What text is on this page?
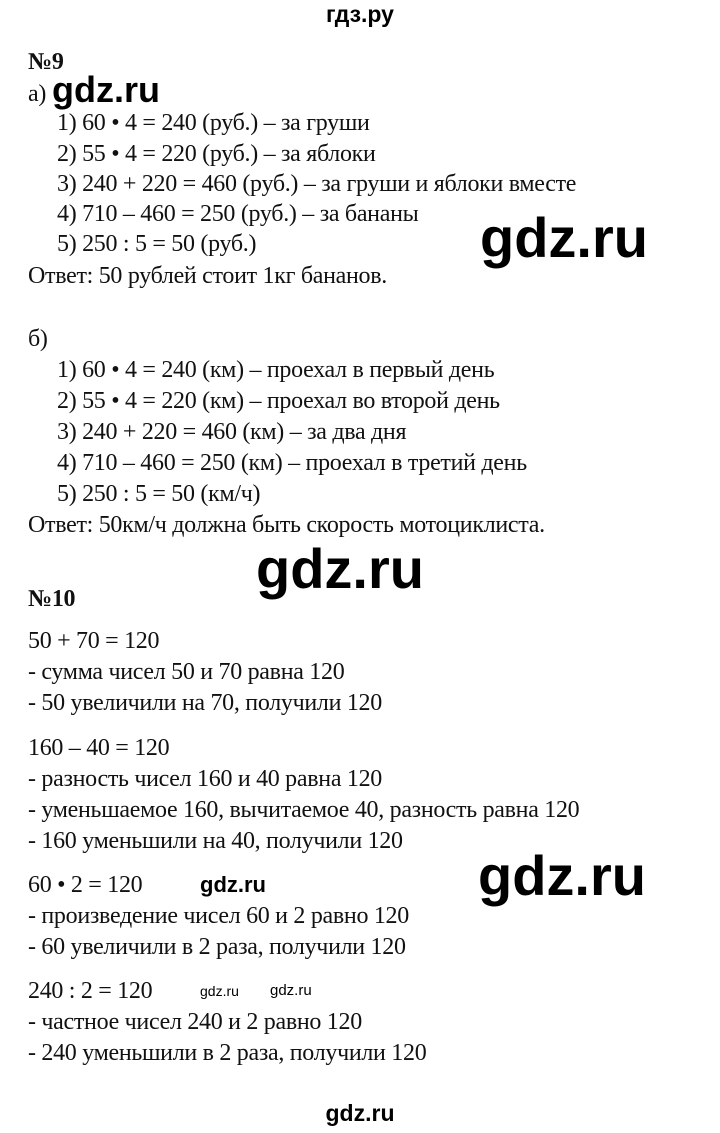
гдз.ру
№9
а)
1) 60 • 4 = 240 (руб.) – за груши
2) 55 • 4 = 220 (руб.) – за яблоки
3) 240 + 220 = 460 (руб.) – за груши и яблоки вместе
4) 710 – 460 = 250 (руб.) – за бананы
5) 250 : 5 = 50 (руб.)
Ответ: 50 рублей стоит 1кг бананов.
б)
1) 60 • 4 = 240 (км) – проехал в первый день
2) 55 • 4 = 220 (км) – проехал во второй день
3) 240 + 220 = 460 (км) – за два дня
4) 710 – 460 = 250 (км) – проехал в третий день
5) 250 : 5 = 50 (км/ч)
Ответ: 50км/ч должна быть скорость мотоциклиста.
№10
50 + 70 = 120
- сумма чисел 50 и 70 равна 120
- 50 увеличили на 70, получили 120
160 – 40 = 120
- разность чисел 160 и 40 равна 120
- уменьшаемое 160, вычитаемое 40, разность равна 120
- 160 уменьшили на 40, получили 120
60 • 2 = 120
- произведение чисел 60 и 2 равно 120
- 60 увеличили в 2 раза, получили 120
240 : 2 = 120
- частное чисел 240 и 2 равно 120
- 240 уменьшили в 2 раза, получили 120
gdz.ru
gdz.ru
gdz.ru
gdz.ru	gdz.ru
gdz.ru gdz.ru
gdz.ru
